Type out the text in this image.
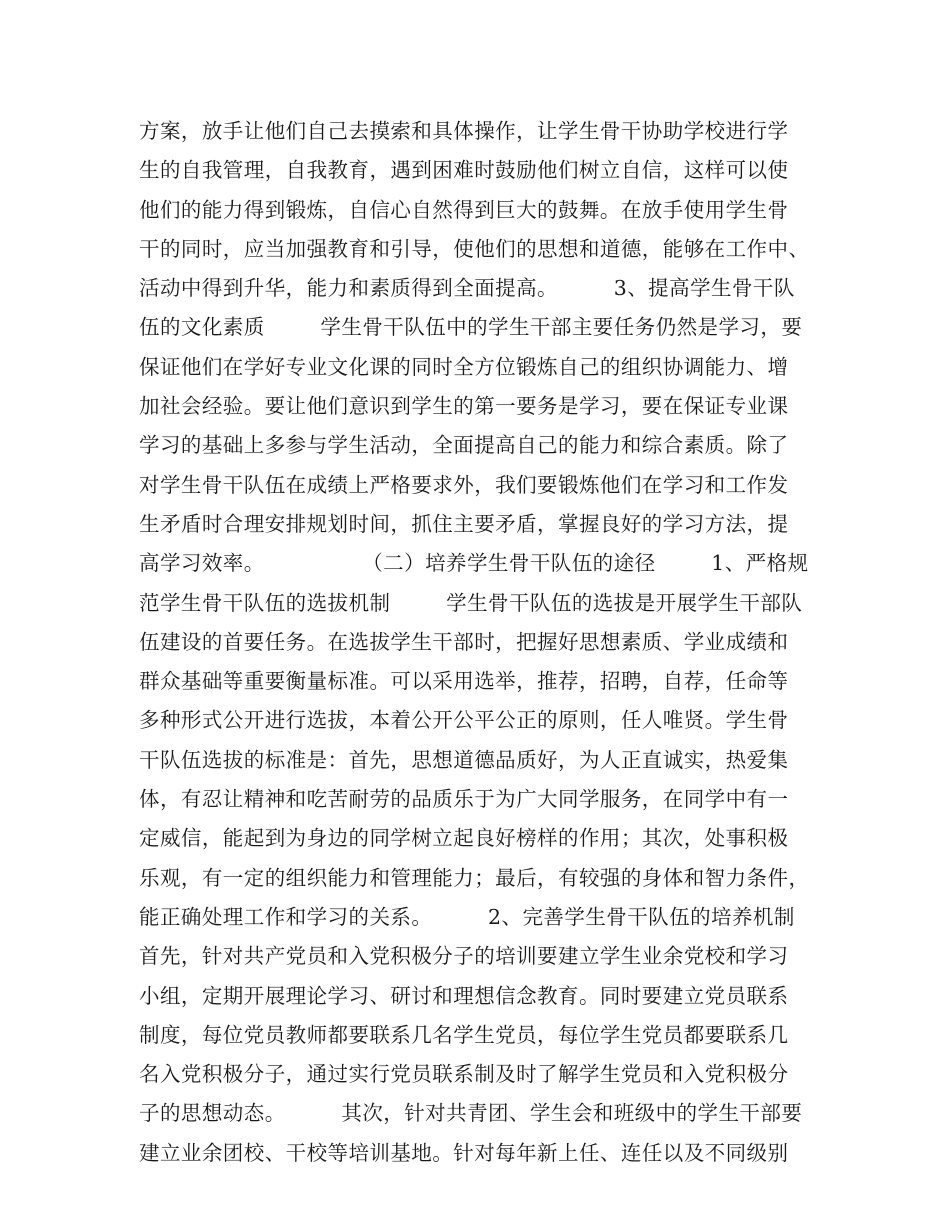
方案，放手让他们自己去摸索和具体操作，让学生骨干协助学校进行学
生的自我管理，自我教育，遇到困难时鼓励他们树立自信，这样可以使
他们的能力得到锻炼，自信心自然得到巨大的鼓舞。在放手使用学生骨
干的同时，应当加强教育和引导，使他们的思想和道德，能够在工作中、
活动中得到升华，能力和素质得到全面提高。        3、提高学生骨干队
伍的文化素质        学生骨干队伍中的学生干部主要任务仍然是学习，要
保证他们在学好专业文化课的同时全方位锻炼自己的组织协调能力、增
加社会经验。要让他们意识到学生的第一要务是学习，要在保证专业课
学习的基础上多参与学生活动，全面提高自己的能力和综合素质。除了
对学生骨干队伍在成绩上严格要求外，我们要锻炼他们在学习和工作发
生矛盾时合理安排规划时间，抓住主要矛盾，掌握良好的学习方法，提
高学习效率。              （二）培养学生骨干队伍的途径        1、严格规
范学生骨干队伍的选拔机制        学生骨干队伍的选拔是开展学生干部队
伍建设的首要任务。在选拔学生干部时，把握好思想素质、学业成绩和
群众基础等重要衡量标准。可以采用选举，推荐，招聘，自荐，任命等
多种形式公开进行选拔，本着公开公平公正的原则，任人唯贤。学生骨
干队伍选拔的标准是：首先，思想道德品质好，为人正直诚实，热爱集
体，有忍让精神和吃苦耐劳的品质乐于为广大同学服务，在同学中有一
定威信，能起到为身边的同学树立起良好榜样的作用；其次，处事积极
乐观，有一定的组织能力和管理能力；最后，有较强的身体和智力条件，
能正确处理工作和学习的关系。        2、完善学生骨干队伍的培养机制
首先，针对共产党员和入党积极分子的培训要建立学生业余党校和学习
小组，定期开展理论学习、研讨和理想信念教育。同时要建立党员联系
制度，每位党员教师都要联系几名学生党员，每位学生党员都要联系几
名入党积极分子，通过实行党员联系制及时了解学生党员和入党积极分
子的思想动态。        其次，针对共青团、学生会和班级中的学生干部要
建立业余团校、干校等培训基地。针对每年新上任、连任以及不同级别
